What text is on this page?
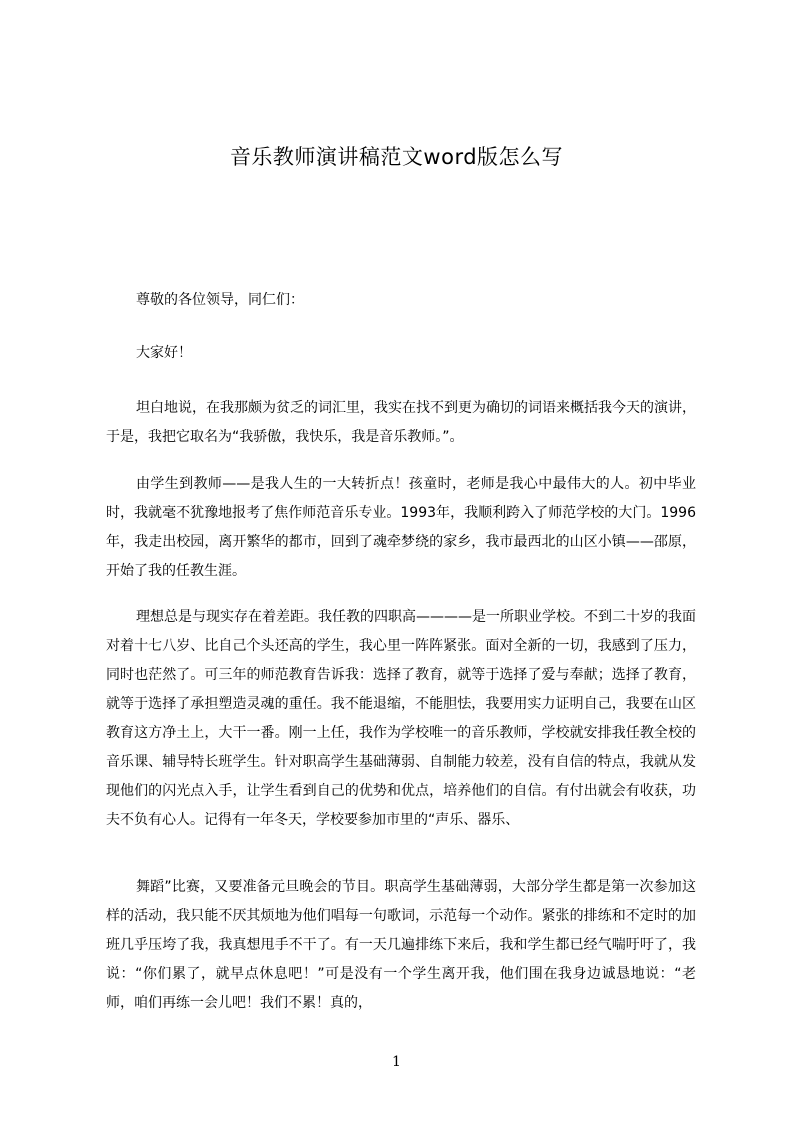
音乐教师演讲稿范文word版怎么写

尊敬的各位领导，同仁们：

大家好！

坦白地说，在我那颇为贫乏的词汇里，我实在找不到更为确切的词语来概括我今天的演讲，于是，我把它取名为“我骄傲，我快乐，我是音乐教师。”。

由学生到教师——是我人生的一大转折点！孩童时，老师是我心中最伟大的人。初中毕业时，我就毫不犹豫地报考了焦作师范音乐专业。1993年，我顺利跨入了师范学校的大门。1996年，我走出校园，离开繁华的都市，回到了魂牵梦绕的家乡，我市最西北的山区小镇——邵原，开始了我的任教生涯。

理想总是与现实存在着差距。我任教的四职高————是一所职业学校。不到二十岁的我面对着十七八岁、比自己个头还高的学生，我心里一阵阵紧张。面对全新的一切，我感到了压力，同时也茫然了。可三年的师范教育告诉我：选择了教育，就等于选择了爱与奉献；选择了教育，就等于选择了承担塑造灵魂的重任。我不能退缩，不能胆怯，我要用实力证明自己，我要在山区教育这方净土上，大干一番。刚一上任，我作为学校唯一的音乐教师，学校就安排我任教全校的音乐课、辅导特长班学生。针对职高学生基础薄弱、自制能力较差，没有自信的特点，我就从发现他们的闪光点入手，让学生看到自己的优势和优点，培养他们的自信。有付出就会有收获，功夫不负有心人。记得有一年冬天，学校要参加市里的“声乐、器乐、

舞蹈”比赛，又要准备元旦晚会的节目。职高学生基础薄弱，大部分学生都是第一次参加这样的活动，我只能不厌其烦地为他们唱每一句歌词，示范每一个动作。紧张的排练和不定时的加班几乎压垮了我，我真想甩手不干了。有一天几遍排练下来后，我和学生都已经气喘吁吁了，我说：“你们累了，就早点休息吧！”可是没有一个学生离开我，他们围在我身边诚恳地说：“老师，咱们再练一会儿吧！我们不累！真的，

1
